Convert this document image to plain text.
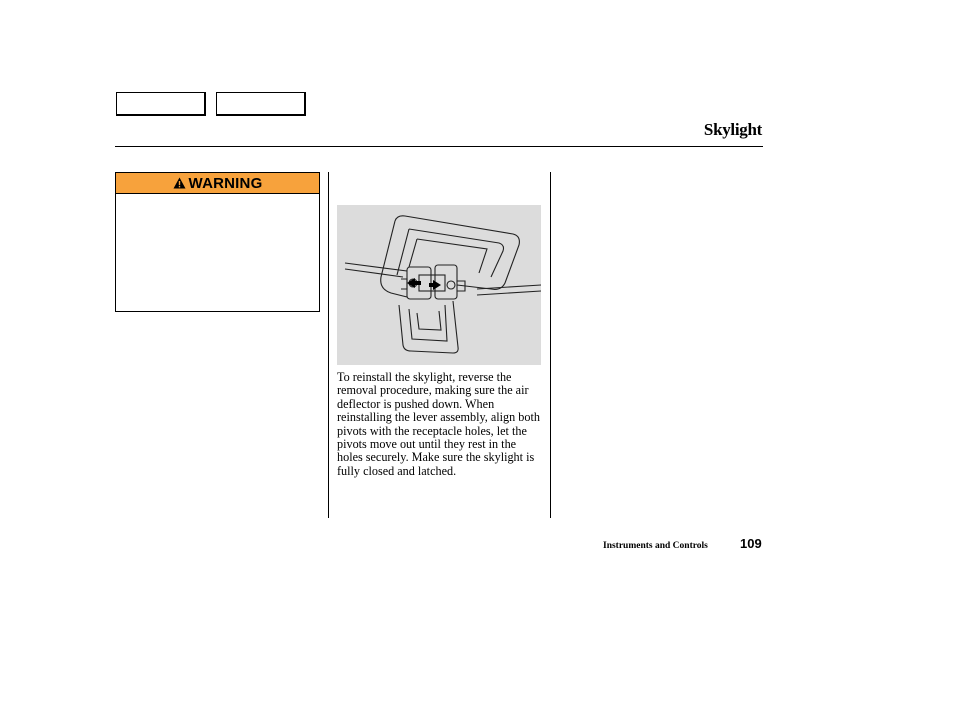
Skylight
WARNING

To reinstall the skylight, reverse the removal procedure, making sure the air deflector is pushed down. When reinstalling the lever assembly, align both pivots with the receptacle holes, let the pivots move out until they rest in the holes securely. Make sure the skylight is fully closed and latched.

Instruments and Controls 109
